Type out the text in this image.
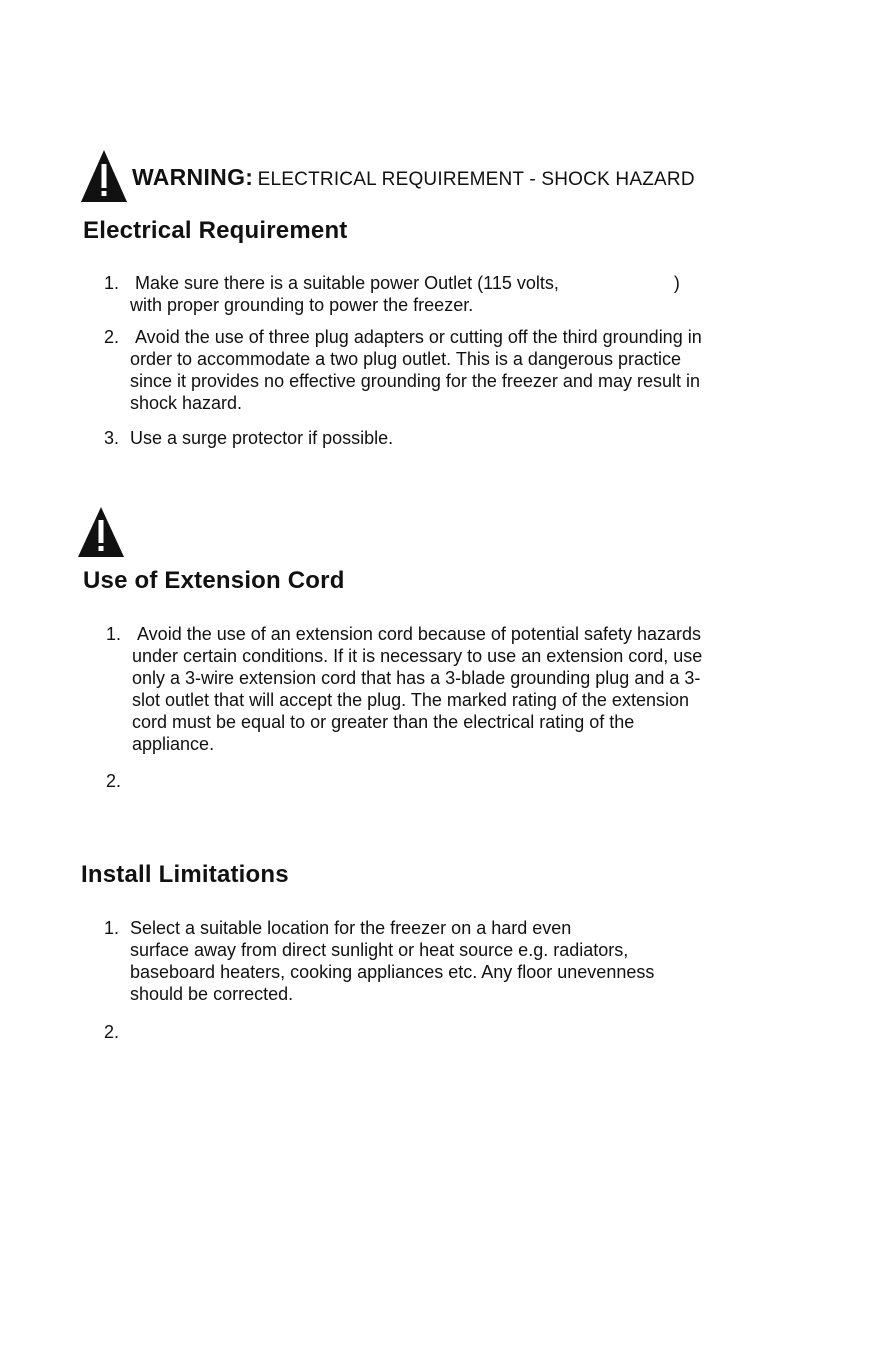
WARNING: ELECTRICAL REQUIREMENT - SHOCK HAZARD
Electrical Requirement
1. Make sure there is a suitable power Outlet (115 volts,                       )
with proper grounding to power the freezer.
2. Avoid the use of three plug adapters or cutting off the third grounding in
order to accommodate a two plug outlet. This is a dangerous practice
since it provides no effective grounding for the freezer and may result in
shock hazard.
3. Use a surge protector if possible.
Use of Extension Cord
1. Avoid the use of an extension cord because of potential safety hazards
under certain conditions. If it is necessary to use an extension cord, use
only a 3-wire extension cord that has a 3-blade grounding plug and a 3-
slot outlet that will accept the plug. The marked rating of the extension
cord must be equal to or greater than the electrical rating of the
appliance.
2.
Install Limitations
1. Select a suitable location for the freezer on a hard even
surface away from direct sunlight or heat source e.g. radiators,
baseboard heaters, cooking appliances etc. Any floor unevenness
should be corrected.
2.
